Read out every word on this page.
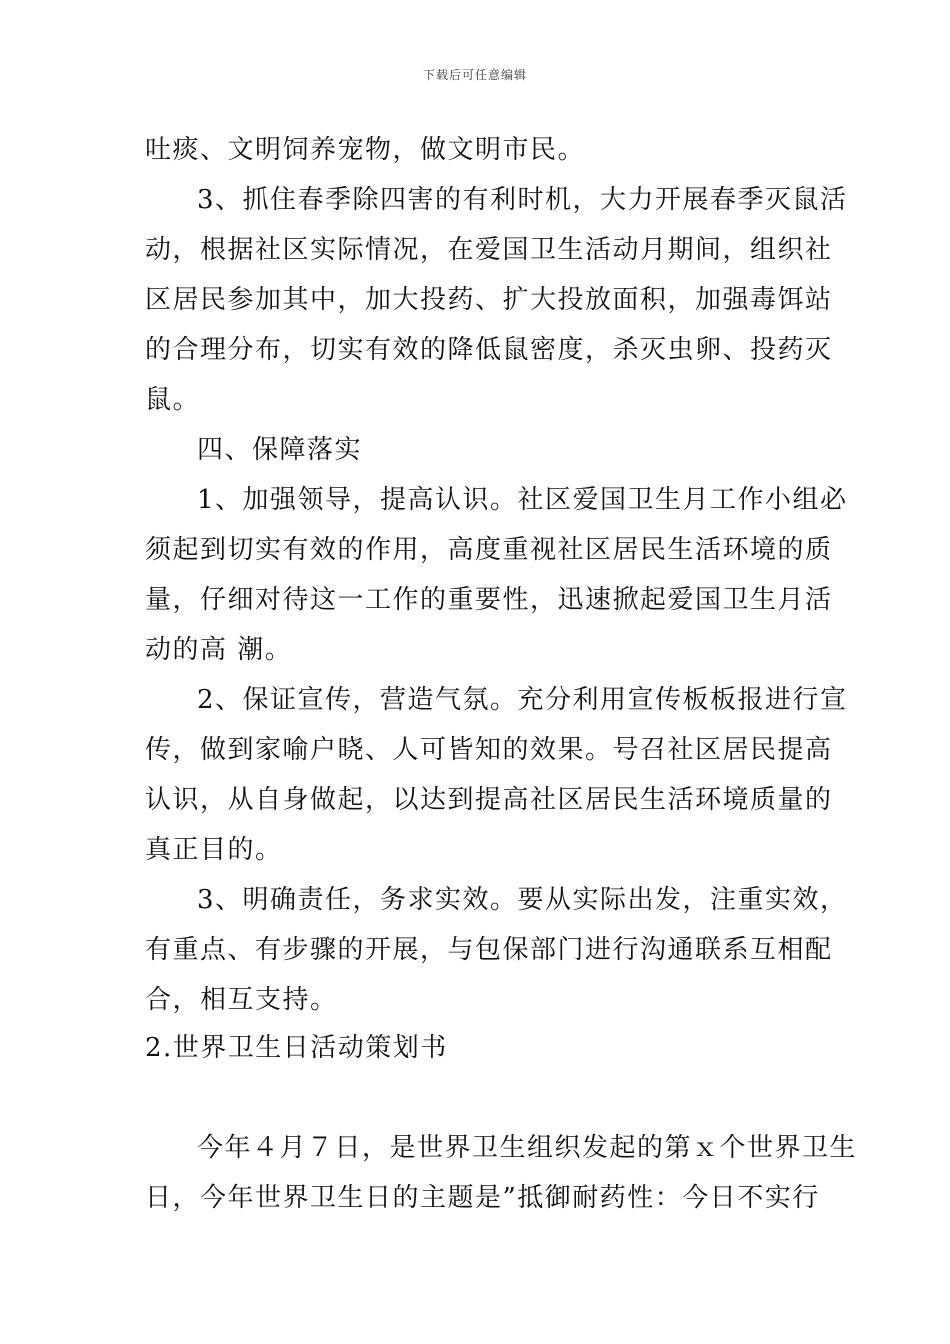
下载后可任意编辑
吐痰、文明饲养宠物，做文明市民。
3、抓住春季除四害的有利时机，大力开展春季灭鼠活
动，根据社区实际情况，在爱国卫生活动月期间，组织社
区居民参加其中，加大投药、扩大投放面积，加强毒饵站
的合理分布，切实有效的降低鼠密度，杀灭虫卵、投药灭
鼠。
四、保障落实
1、加强领导，提高认识。社区爱国卫生月工作小组必
须起到切实有效的作用，高度重视社区居民生活环境的质
量，仔细对待这一工作的重要性，迅速掀起爱国卫生月活
动的高 潮。
2、保证宣传，营造气氛。充分利用宣传板板报进行宣
传，做到家喻户晓、人可皆知的效果。号召社区居民提高
认识，从自身做起，以达到提高社区居民生活环境质量的
真正目的。
3、明确责任，务求实效。要从实际出发，注重实效，
有重点、有步骤的开展，与包保部门进行沟通联系互相配
合，相互支持。
2.世界卫生日活动策划书
今年４月７日，是世界卫生组织发起的第ｘ个世界卫生
日，今年世界卫生日的主题是”抵御耐药性：今日不实行
